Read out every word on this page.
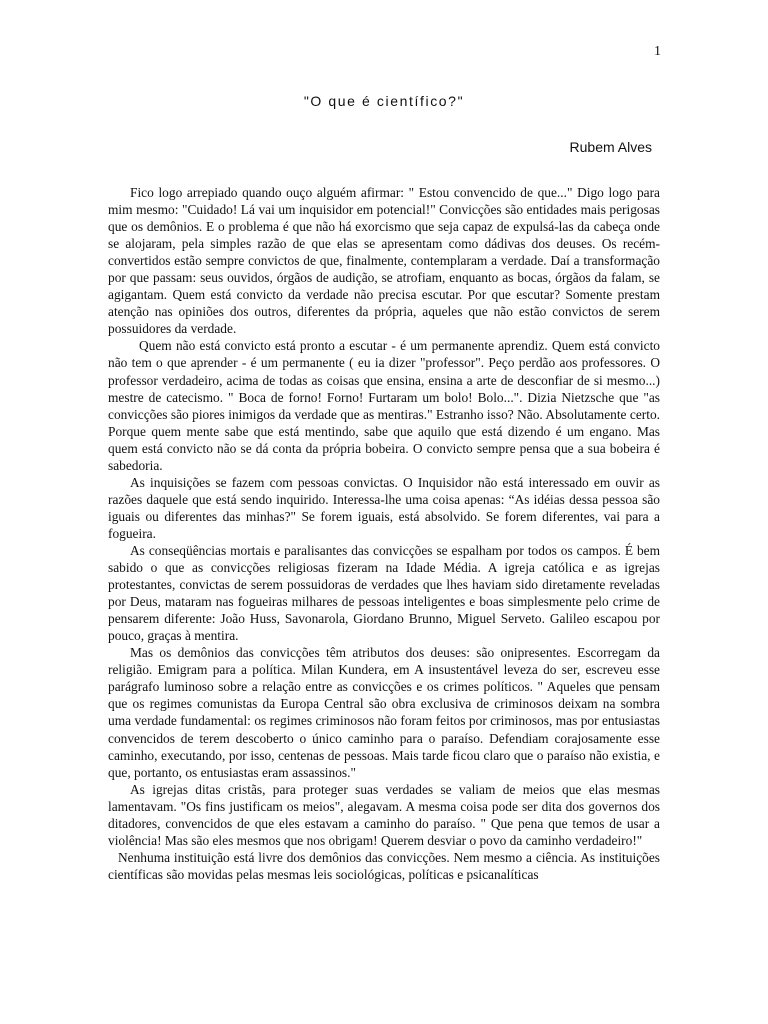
1
"O que é científico?"
Rubem Alves

Fico logo arrepiado quando ouço alguém afirmar: " Estou convencido de que..." Digo logo para mim mesmo: "Cuidado! Lá vai um inquisidor em potencial!" Convicções são entidades mais perigosas que os demônios. E o problema é que não há exorcismo que seja capaz de expulsá-las da cabeça onde se alojaram, pela simples razão de que elas se apresentam como dádivas dos deuses. Os recém-convertidos estão sempre convictos de que, finalmente, contemplaram a verdade. Daí a transformação por que passam: seus ouvidos, órgãos de audição, se atrofiam, enquanto as bocas, órgãos da falam, se agigantam. Quem está convicto da verdade não precisa escutar. Por que escutar? Somente prestam atenção nas opiniões dos outros, diferentes da própria, aqueles que não estão convictos de serem possuidores da verdade.

Quem não está convicto está pronto a escutar - é um permanente aprendiz. Quem está convicto não tem o que aprender - é um permanente ( eu ia dizer "professor". Peço perdão aos professores. O professor verdadeiro, acima de todas as coisas que ensina, ensina a arte de desconfiar de si mesmo...) mestre de catecismo. " Boca de forno! Forno! Furtaram um bolo! Bolo...". Dizia Nietzsche que "as convicções são piores inimigos da verdade que as mentiras." Estranho isso? Não. Absolutamente certo. Porque quem mente sabe que está mentindo, sabe que aquilo que está dizendo é um engano. Mas quem está convicto não se dá conta da própria bobeira. O convicto sempre pensa que a sua bobeira é sabedoria.

As inquisições se fazem com pessoas convictas. O Inquisidor não está interessado em ouvir as razões daquele que está sendo inquirido. Interessa-lhe uma coisa apenas: “As idéias dessa pessoa são iguais ou diferentes das minhas?" Se forem iguais, está absolvido. Se forem diferentes, vai para a fogueira.

As conseqüências mortais e paralisantes das convicções se espalham por todos os campos. É bem sabido o que as convicções religiosas fizeram na Idade Média. A igreja católica e as igrejas protestantes, convictas de serem possuidoras de verdades que lhes haviam sido diretamente reveladas por Deus, mataram nas fogueiras milhares de pessoas inteligentes e boas simplesmente pelo crime de pensarem diferente: João Huss, Savonarola, Giordano Brunno, Miguel Serveto. Galileo escapou por pouco, graças à mentira.

Mas os demônios das convicções têm atributos dos deuses: são onipresentes. Escorregam da religião. Emigram para a política. Milan Kundera, em A insustentável leveza do ser, escreveu esse parágrafo luminoso sobre a relação entre as convicções e os crimes políticos. " Aqueles que pensam que os regimes comunistas da Europa Central são obra exclusiva de criminosos deixam na sombra uma verdade fundamental: os regimes criminosos não foram feitos por criminosos, mas por entusiastas convencidos de terem descoberto o único caminho para o paraíso. Defendiam corajosamente esse caminho, executando, por isso, centenas de pessoas. Mais tarde ficou claro que o paraíso não existia, e que, portanto, os entusiastas eram assassinos."

As igrejas ditas cristãs, para proteger suas verdades se valiam de meios que elas mesmas lamentavam. "Os fins justificam os meios", alegavam. A mesma coisa pode ser dita dos governos dos ditadores, convencidos de que eles estavam a caminho do paraíso. " Que pena que temos de usar a violência! Mas são eles mesmos que nos obrigam! Querem desviar o povo da caminho verdadeiro!"

Nenhuma instituição está livre dos demônios das convicções. Nem mesmo a ciência. As instituições científicas são movidas pelas mesmas leis sociológicas, políticas e psicanalíticas
